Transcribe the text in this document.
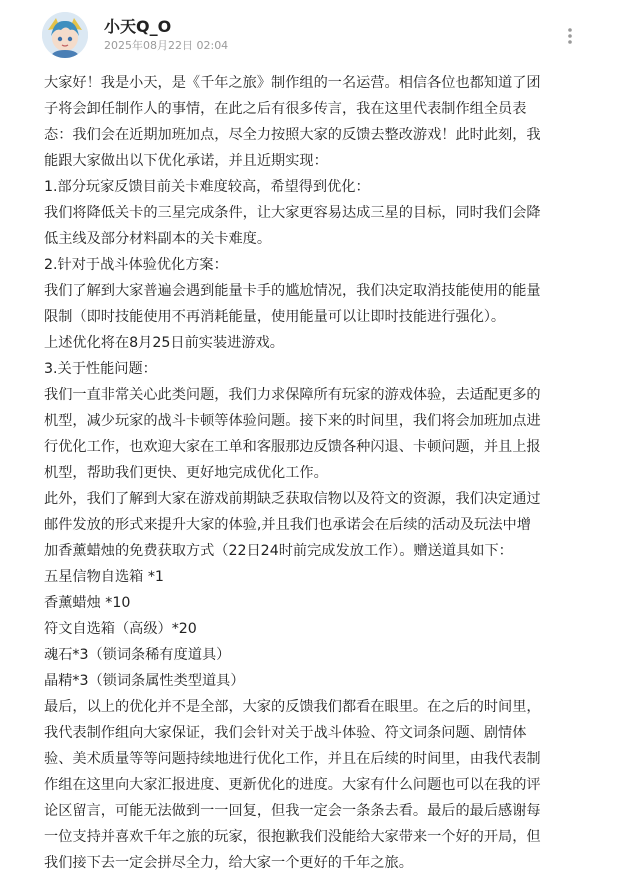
小天Q_O
2025年08月22日 02:04
大家好！我是小天，是《千年之旅》制作组的一名运营。相信各位也都知道了团
子将会卸任制作人的事情，在此之后有很多传言，我在这里代表制作组全员表
态：我们会在近期加班加点，尽全力按照大家的反馈去整改游戏！此时此刻，我
能跟大家做出以下优化承诺，并且近期实现：
1.部分玩家反馈目前关卡难度较高，希望得到优化：
我们将降低关卡的三星完成条件，让大家更容易达成三星的目标，同时我们会降
低主线及部分材料副本的关卡难度。
2.针对于战斗体验优化方案：
我们了解到大家普遍会遇到能量卡手的尴尬情况，我们决定取消技能使用的能量
限制（即时技能使用不再消耗能量，使用能量可以让即时技能进行强化）。
上述优化将在8月25日前实装进游戏。
3.关于性能问题：
我们一直非常关心此类问题，我们力求保障所有玩家的游戏体验，去适配更多的
机型，减少玩家的战斗卡顿等体验问题。接下来的时间里，我们将会加班加点进
行优化工作，也欢迎大家在工单和客服那边反馈各种闪退、卡顿问题，并且上报
机型，帮助我们更快、更好地完成优化工作。
此外，我们了解到大家在游戏前期缺乏获取信物以及符文的资源，我们决定通过
邮件发放的形式来提升大家的体验,并且我们也承诺会在后续的活动及玩法中增
加香薰蜡烛的免费获取方式（22日24时前完成发放工作）。赠送道具如下：
五星信物自选箱 *1
香薰蜡烛 *10
符文自选箱（高级）*20
魂石*3（锁词条稀有度道具）
晶精*3（锁词条属性类型道具）
最后，以上的优化并不是全部，大家的反馈我们都看在眼里。在之后的时间里，
我代表制作组向大家保证，我们会针对关于战斗体验、符文词条问题、剧情体
验、美术质量等等问题持续地进行优化工作，并且在后续的时间里，由我代表制
作组在这里向大家汇报进度、更新优化的进度。大家有什么问题也可以在我的评
论区留言，可能无法做到一一回复，但我一定会一条条去看。最后的最后感谢每
一位支持并喜欢千年之旅的玩家，很抱歉我们没能给大家带来一个好的开局，但
我们接下去一定会拼尽全力，给大家一个更好的千年之旅。
